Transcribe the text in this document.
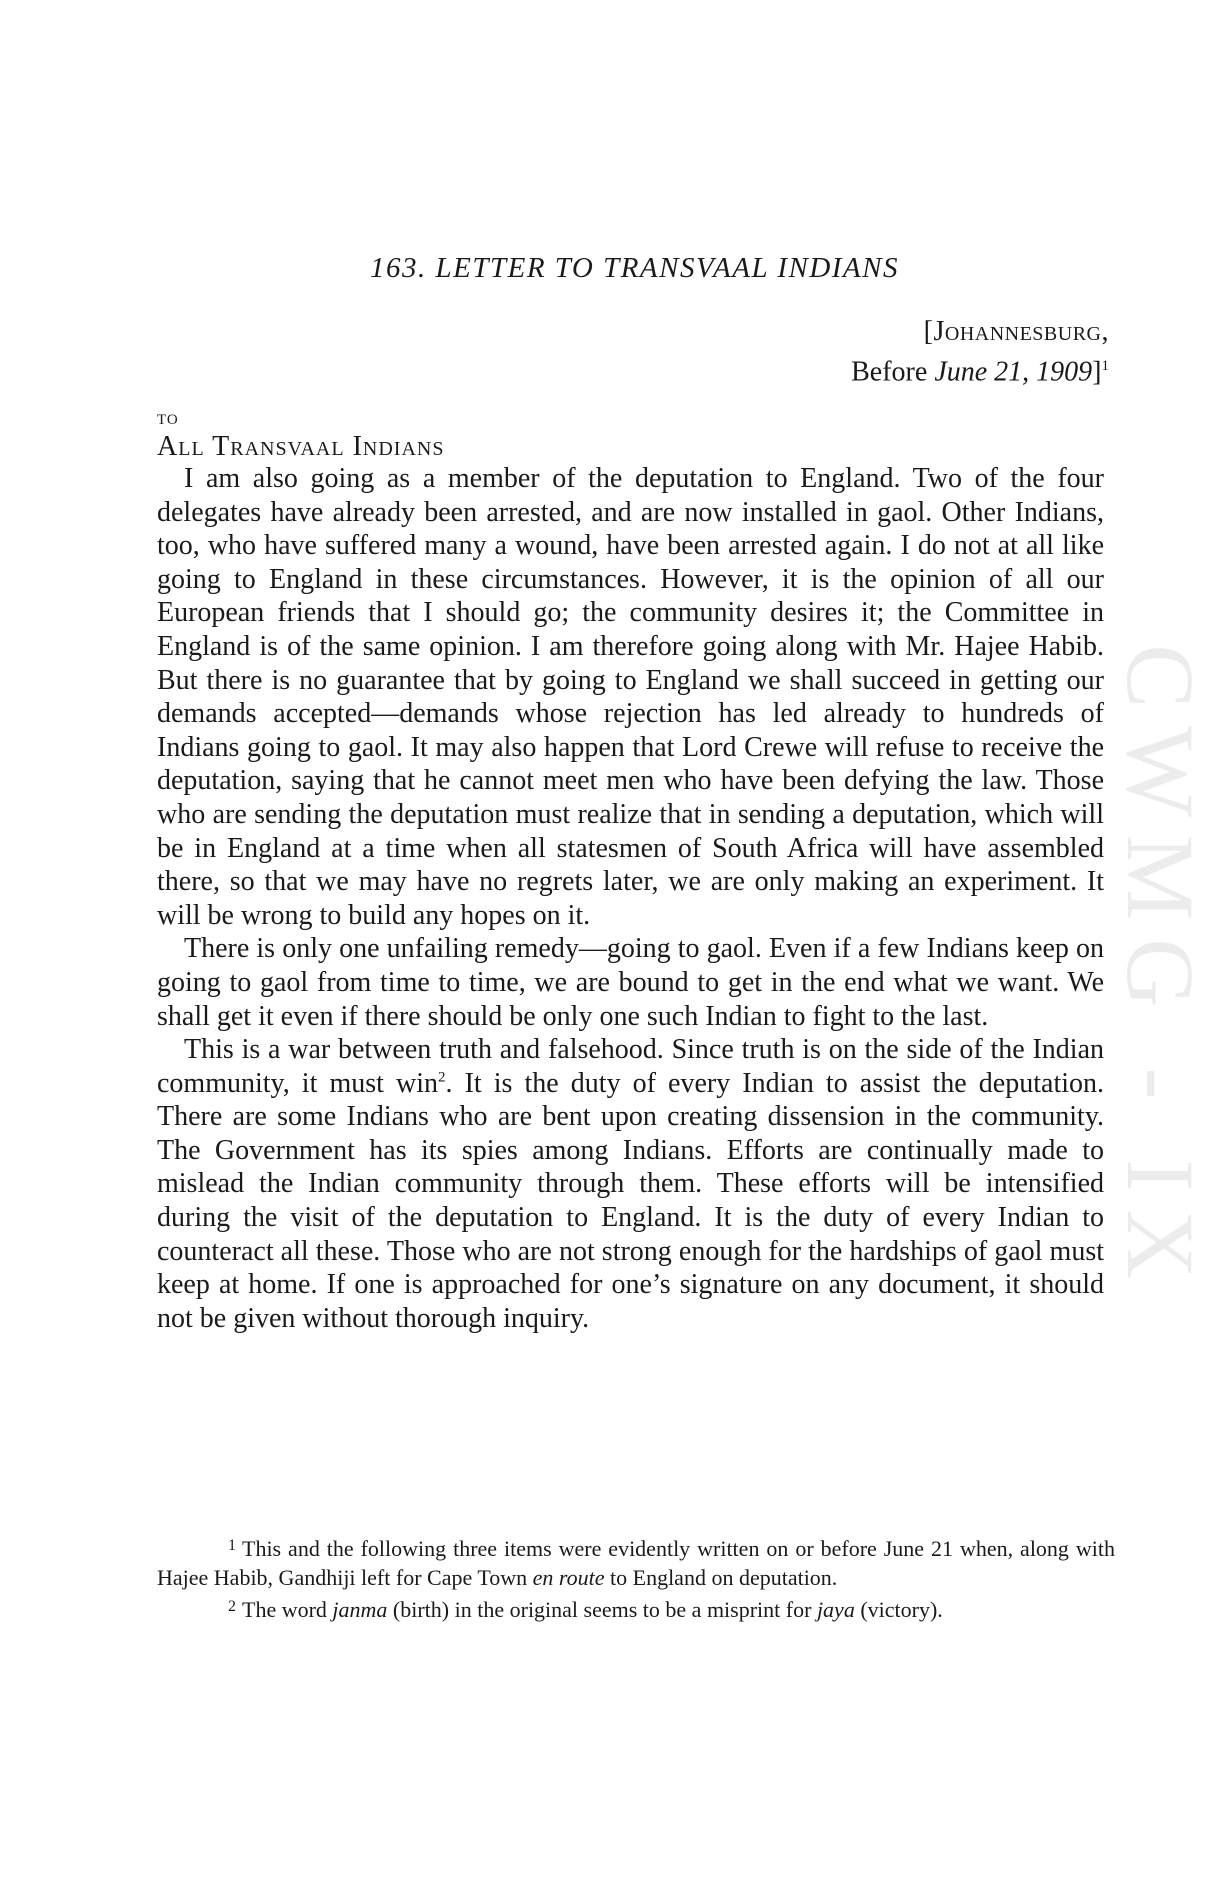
CWMG - IX
163. LETTER TO TRANSVAAL INDIANS
[Johannesburg,
Before June 21, 1909]$^1$
to
All Transvaal Indians

I am also going as a member of the deputation to England. Two of the four delegates have already been arrested, and are now installed in gaol. Other Indians, too, who have suffered many a wound, have been arrested again. I do not at all like going to England in these circumstances. However, it is the opinion of all our European friends that I should go; the community desires it; the Committee in England is of the same opinion. I am therefore going along with Mr. Hajee Habib. But there is no guarantee that by going to England we shall succeed in getting our demands accepted—demands whose rejection has led already to hundreds of Indians going to gaol. It may also happen that Lord Crewe will refuse to receive the deputation, saying that he cannot meet men who have been defying the law. Those who are sending the deputation must realize that in sending a deputation, which will be in England at a time when all statesmen of South Africa will have assembled there, so that we may have no regrets later, we are only making an experiment. It will be wrong to build any hopes on it.

There is only one unfailing remedy—going to gaol. Even if a few Indians keep on going to gaol from time to time, we are bound to get in the end what we want. We shall get it even if there should be only one such Indian to fight to the last.

This is a war between truth and falsehood. Since truth is on the side of the Indian community, it must win$^2$. It is the duty of every Indian to assist the deputation. There are some Indians who are bent upon creating dissension in the community. The Government has its spies among Indians. Efforts are continually made to mislead the Indian community through them. These efforts will be intensified during the visit of the deputation to England. It is the duty of every Indian to counteract all these. Those who are not strong enough for the hardships of gaol must keep at home. If one is approached for one’s signature on any document, it should not be given without thorough inquiry.

$^1$ This and the following three items were evidently written on or before June 21 when, along with Hajee Habib, Gandhiji left for Cape Town en route to England on deputation.

$^2$ The word janma (birth) in the original seems to be a misprint for jaya (victory).
